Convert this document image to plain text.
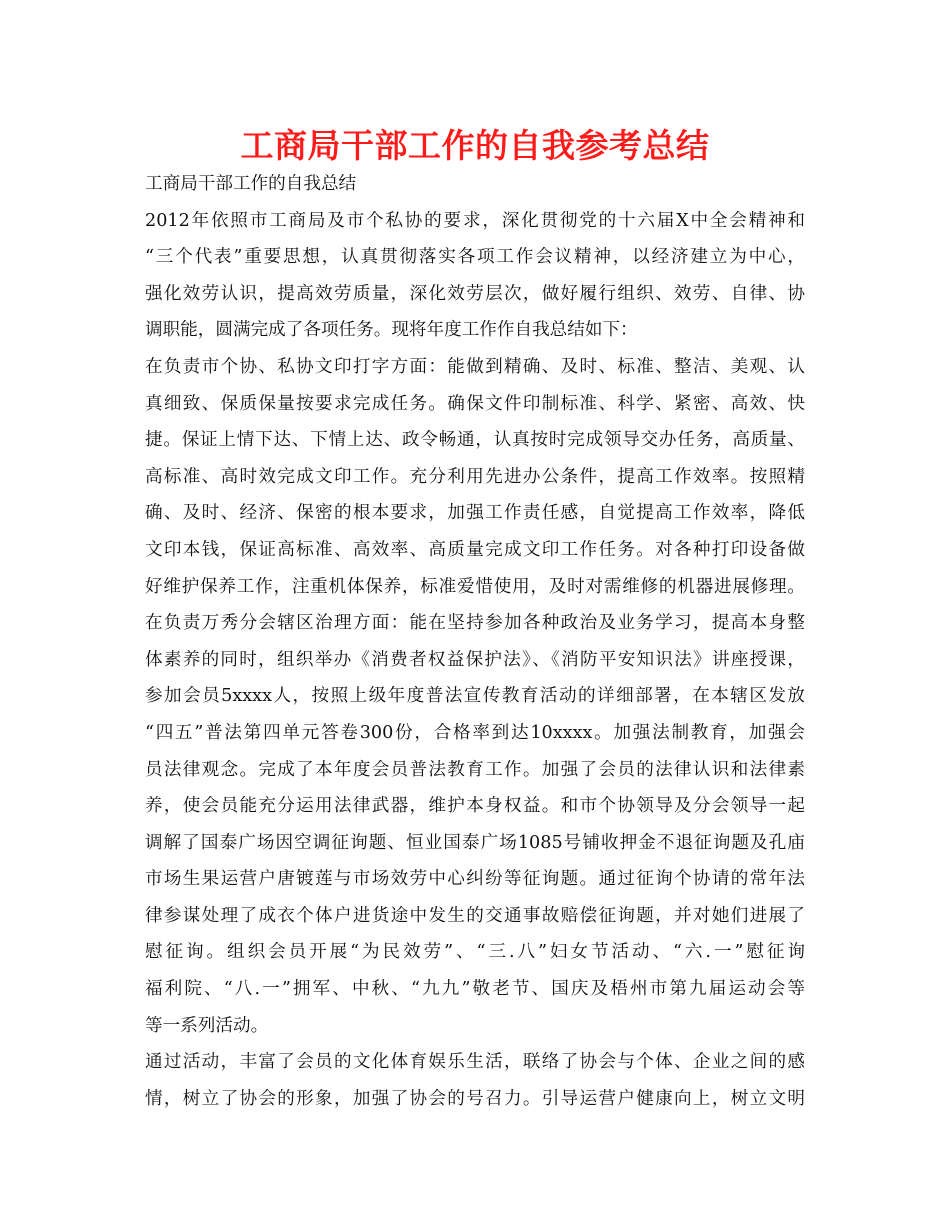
工商局干部工作的自我参考总结
工商局干部工作的自我总结
2012年依照市工商局及市个私协的要求，深化贯彻党的十六届X中全会精神和
“三个代表”重要思想，认真贯彻落实各项工作会议精神，以经济建立为中心，
强化效劳认识，提高效劳质量，深化效劳层次，做好履行组织、效劳、自律、协
调职能，圆满完成了各项任务。现将年度工作作自我总结如下：
在负责市个协、私协文印打字方面：能做到精确、及时、标准、整洁、美观、认
真细致、保质保量按要求完成任务。确保文件印制标准、科学、紧密、高效、快
捷。保证上情下达、下情上达、政令畅通，认真按时完成领导交办任务，高质量、
高标准、高时效完成文印工作。充分利用先进办公条件，提高工作效率。按照精
确、及时、经济、保密的根本要求，加强工作责任感，自觉提高工作效率，降低
文印本钱，保证高标准、高效率、高质量完成文印工作任务。对各种打印设备做
好维护保养工作，注重机体保养，标准爱惜使用，及时对需维修的机器进展修理。
在负责万秀分会辖区治理方面：能在坚持参加各种政治及业务学习，提高本身整
体素养的同时，组织举办《消费者权益保护法》、《消防平安知识法》讲座授课，
参加会员5xxxx人，按照上级年度普法宣传教育活动的详细部署，在本辖区发放
“四五”普法第四单元答卷300份，合格率到达10xxxx。加强法制教育，加强会
员法律观念。完成了本年度会员普法教育工作。加强了会员的法律认识和法律素
养，使会员能充分运用法律武器，维护本身权益。和市个协领导及分会领导一起
调解了国泰广场因空调征询题、恒业国泰广场1085号铺收押金不退征询题及孔庙
市场生果运营户唐镀莲与市场效劳中心纠纷等征询题。通过征询个协请的常年法
律参谋处理了成衣个体户进货途中发生的交通事故赔偿征询题，并对她们进展了
慰征询。组织会员开展“为民效劳”、“三.八”妇女节活动、“六.一”慰征询
福利院、“八.一”拥军、中秋、“九九”敬老节、国庆及梧州市第九届运动会等
等一系列活动。
通过活动，丰富了会员的文化体育娱乐生活，联络了协会与个体、企业之间的感
情，树立了协会的形象，加强了协会的号召力。引导运营户健康向上，树立文明
